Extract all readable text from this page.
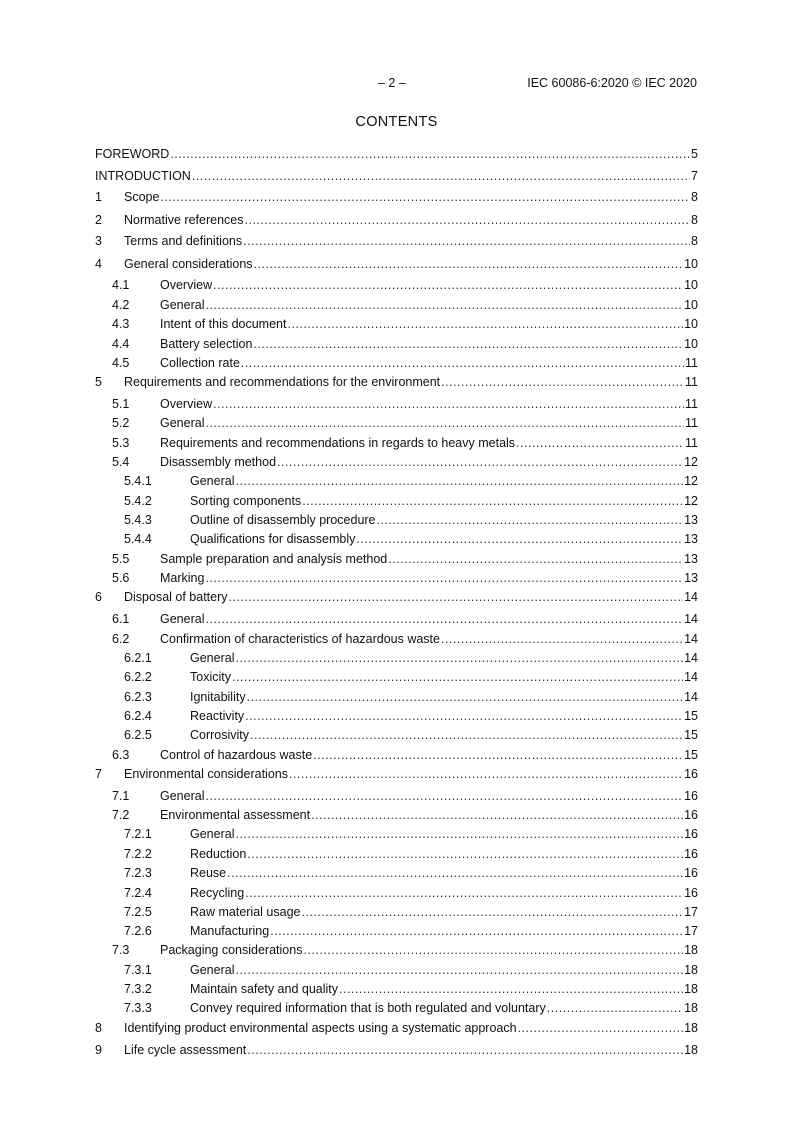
– 2 –	IEC 60086-6:2020 © IEC 2020
CONTENTS
FOREWORD .....	5
INTRODUCTION .....	7
1	Scope .....	8
2	Normative references .....	8
3	Terms and definitions .....	8
4	General considerations .....	10
4.1	Overview .....	10
4.2	General .....	10
4.3	Intent of this document .....	10
4.4	Battery selection .....	10
4.5	Collection rate .....	11
5	Requirements and recommendations for the environment .....	11
5.1	Overview .....	11
5.2	General .....	11
5.3	Requirements and recommendations in regards to heavy metals .....	11
5.4	Disassembly method .....	12
5.4.1	General .....	12
5.4.2	Sorting components .....	12
5.4.3	Outline of disassembly procedure .....	13
5.4.4	Qualifications for disassembly .....	13
5.5	Sample preparation and analysis method .....	13
5.6	Marking .....	13
6	Disposal of battery .....	14
6.1	General .....	14
6.2	Confirmation of characteristics of hazardous waste .....	14
6.2.1	General .....	14
6.2.2	Toxicity .....	14
6.2.3	Ignitability .....	14
6.2.4	Reactivity .....	15
6.2.5	Corrosivity .....	15
6.3	Control of hazardous waste .....	15
7	Environmental considerations .....	16
7.1	General .....	16
7.2	Environmental assessment .....	16
7.2.1	General .....	16
7.2.2	Reduction .....	16
7.2.3	Reuse .....	16
7.2.4	Recycling .....	16
7.2.5	Raw material usage .....	17
7.2.6	Manufacturing .....	17
7.3	Packaging considerations .....	18
7.3.1	General .....	18
7.3.2	Maintain safety and quality .....	18
7.3.3	Convey required information that is both regulated and voluntary .....	18
8	Identifying product environmental aspects using a systematic approach .....	18
9	Life cycle assessment .....	18
